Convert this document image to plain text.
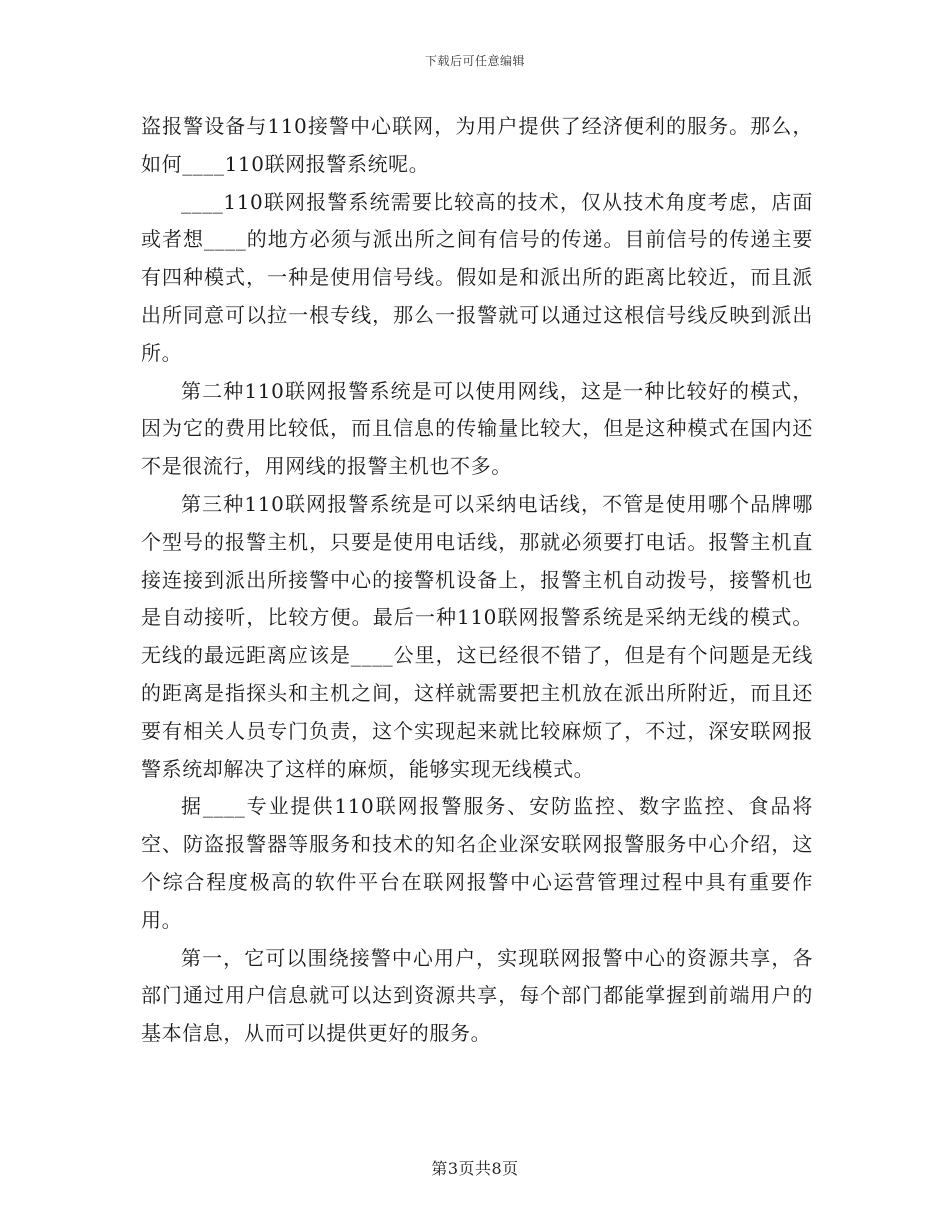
下载后可任意编辑

盗报警设备与110接警中心联网，为用户提供了经济便利的服务。那么，如何____110联网报警系统呢。

____110联网报警系统需要比较高的技术，仅从技术角度考虑，店面或者想____的地方必须与派出所之间有信号的传递。目前信号的传递主要有四种模式，一种是使用信号线。假如是和派出所的距离比较近，而且派出所同意可以拉一根专线，那么一报警就可以通过这根信号线反映到派出所。

第二种110联网报警系统是可以使用网线，这是一种比较好的模式，因为它的费用比较低，而且信息的传输量比较大，但是这种模式在国内还不是很流行，用网线的报警主机也不多。

第三种110联网报警系统是可以采纳电话线，不管是使用哪个品牌哪个型号的报警主机，只要是使用电话线，那就必须要打电话。报警主机直接连接到派出所接警中心的接警机设备上，报警主机自动拨号，接警机也是自动接听，比较方便。最后一种110联网报警系统是采纳无线的模式。无线的最远距离应该是____公里，这已经很不错了，但是有个问题是无线的距离是指探头和主机之间，这样就需要把主机放在派出所附近，而且还要有相关人员专门负责，这个实现起来就比较麻烦了，不过，深安联网报警系统却解决了这样的麻烦，能够实现无线模式。

据____专业提供110联网报警服务、安防监控、数字监控、食品将空、防盗报警器等服务和技术的知名企业深安联网报警服务中心介绍，这个综合程度极高的软件平台在联网报警中心运营管理过程中具有重要作用。

第一，它可以围绕接警中心用户，实现联网报警中心的资源共享，各部门通过用户信息就可以达到资源共享，每个部门都能掌握到前端用户的基本信息，从而可以提供更好的服务。

第3页共8页
